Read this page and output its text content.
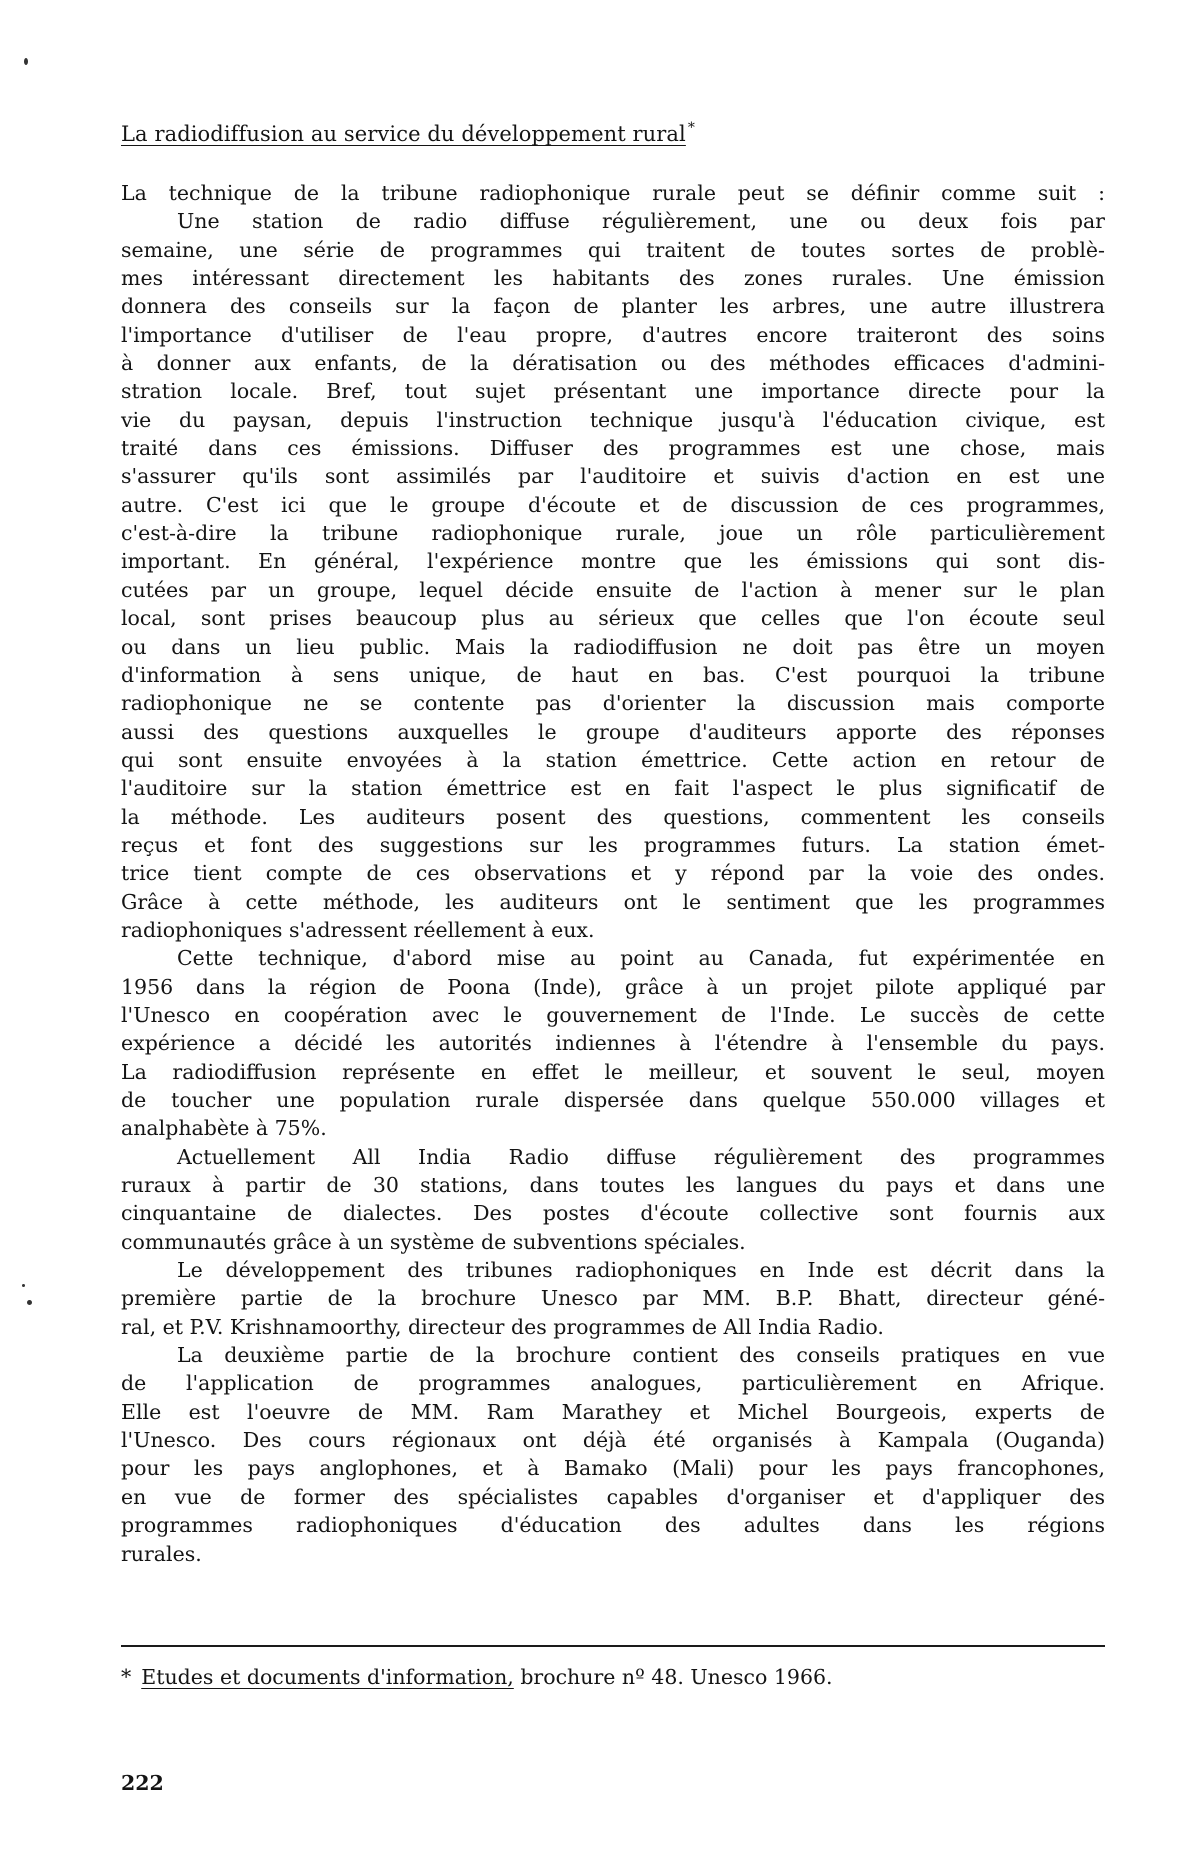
La radiodiffusion au service du développement rural *
La technique de la tribune radiophonique rurale peut se définir comme suit :
Une station de radio diffuse régulièrement, une ou deux fois par
semaine, une série de programmes qui traitent de toutes sortes de problè-
mes intéressant directement les habitants des zones rurales. Une émission
donnera des conseils sur la façon de planter les arbres, une autre illustrera
l'importance d'utiliser de l'eau propre, d'autres encore traiteront des soins
à donner aux enfants, de la dératisation ou des méthodes efficaces d'admini-
stration locale. Bref, tout sujet présentant une importance directe pour la
vie du paysan, depuis l'instruction technique jusqu'à l'éducation civique, est
traité dans ces émissions. Diffuser des programmes est une chose, mais
s'assurer qu'ils sont assimilés par l'auditoire et suivis d'action en est une
autre. C'est ici que le groupe d'écoute et de discussion de ces programmes,
c'est-à-dire la tribune radiophonique rurale, joue un rôle particulièrement
important. En général, l'expérience montre que les émissions qui sont dis-
cutées par un groupe, lequel décide ensuite de l'action à mener sur le plan
local, sont prises beaucoup plus au sérieux que celles que l'on écoute seul
ou dans un lieu public. Mais la radiodiffusion ne doit pas être un moyen
d'information à sens unique, de haut en bas. C'est pourquoi la tribune
radiophonique ne se contente pas d'orienter la discussion mais comporte
aussi des questions auxquelles le groupe d'auditeurs apporte des réponses
qui sont ensuite envoyées à la station émettrice. Cette action en retour de
l'auditoire sur la station émettrice est en fait l'aspect le plus significatif de
la méthode. Les auditeurs posent des questions, commentent les conseils
reçus et font des suggestions sur les programmes futurs. La station émet-
trice tient compte de ces observations et y répond par la voie des ondes.
Grâce à cette méthode, les auditeurs ont le sentiment que les programmes
radiophoniques s'adressent réellement à eux.
Cette technique, d'abord mise au point au Canada, fut expérimentée en
1956 dans la région de Poona (Inde), grâce à un projet pilote appliqué par
l'Unesco en coopération avec le gouvernement de l'Inde. Le succès de cette
expérience a décidé les autorités indiennes à l'étendre à l'ensemble du pays.
La radiodiffusion représente en effet le meilleur, et souvent le seul, moyen
de toucher une population rurale dispersée dans quelque 550.000 villages et
analphabète à 75%.
Actuellement All India Radio diffuse régulièrement des programmes
ruraux à partir de 30 stations, dans toutes les langues du pays et dans une
cinquantaine de dialectes. Des postes d'écoute collective sont fournis aux
communautés grâce à un système de subventions spéciales.
Le développement des tribunes radiophoniques en Inde est décrit dans la
première partie de la brochure Unesco par MM. B.P. Bhatt, directeur géné-
ral, et P.V. Krishnamoorthy, directeur des programmes de All India Radio.
La deuxième partie de la brochure contient des conseils pratiques en vue
de l'application de programmes analogues, particulièrement en Afrique.
Elle est l'oeuvre de MM. Ram Marathey et Michel Bourgeois, experts de
l'Unesco. Des cours régionaux ont déjà été organisés à Kampala (Ouganda)
pour les pays anglophones, et à Bamako (Mali) pour les pays francophones,
en vue de former des spécialistes capables d'organiser et d'appliquer des
programmes radiophoniques d'éducation des adultes dans les régions
rurales.
* Etudes et documents d'information, brochure nº 48. Unesco 1966.
222
